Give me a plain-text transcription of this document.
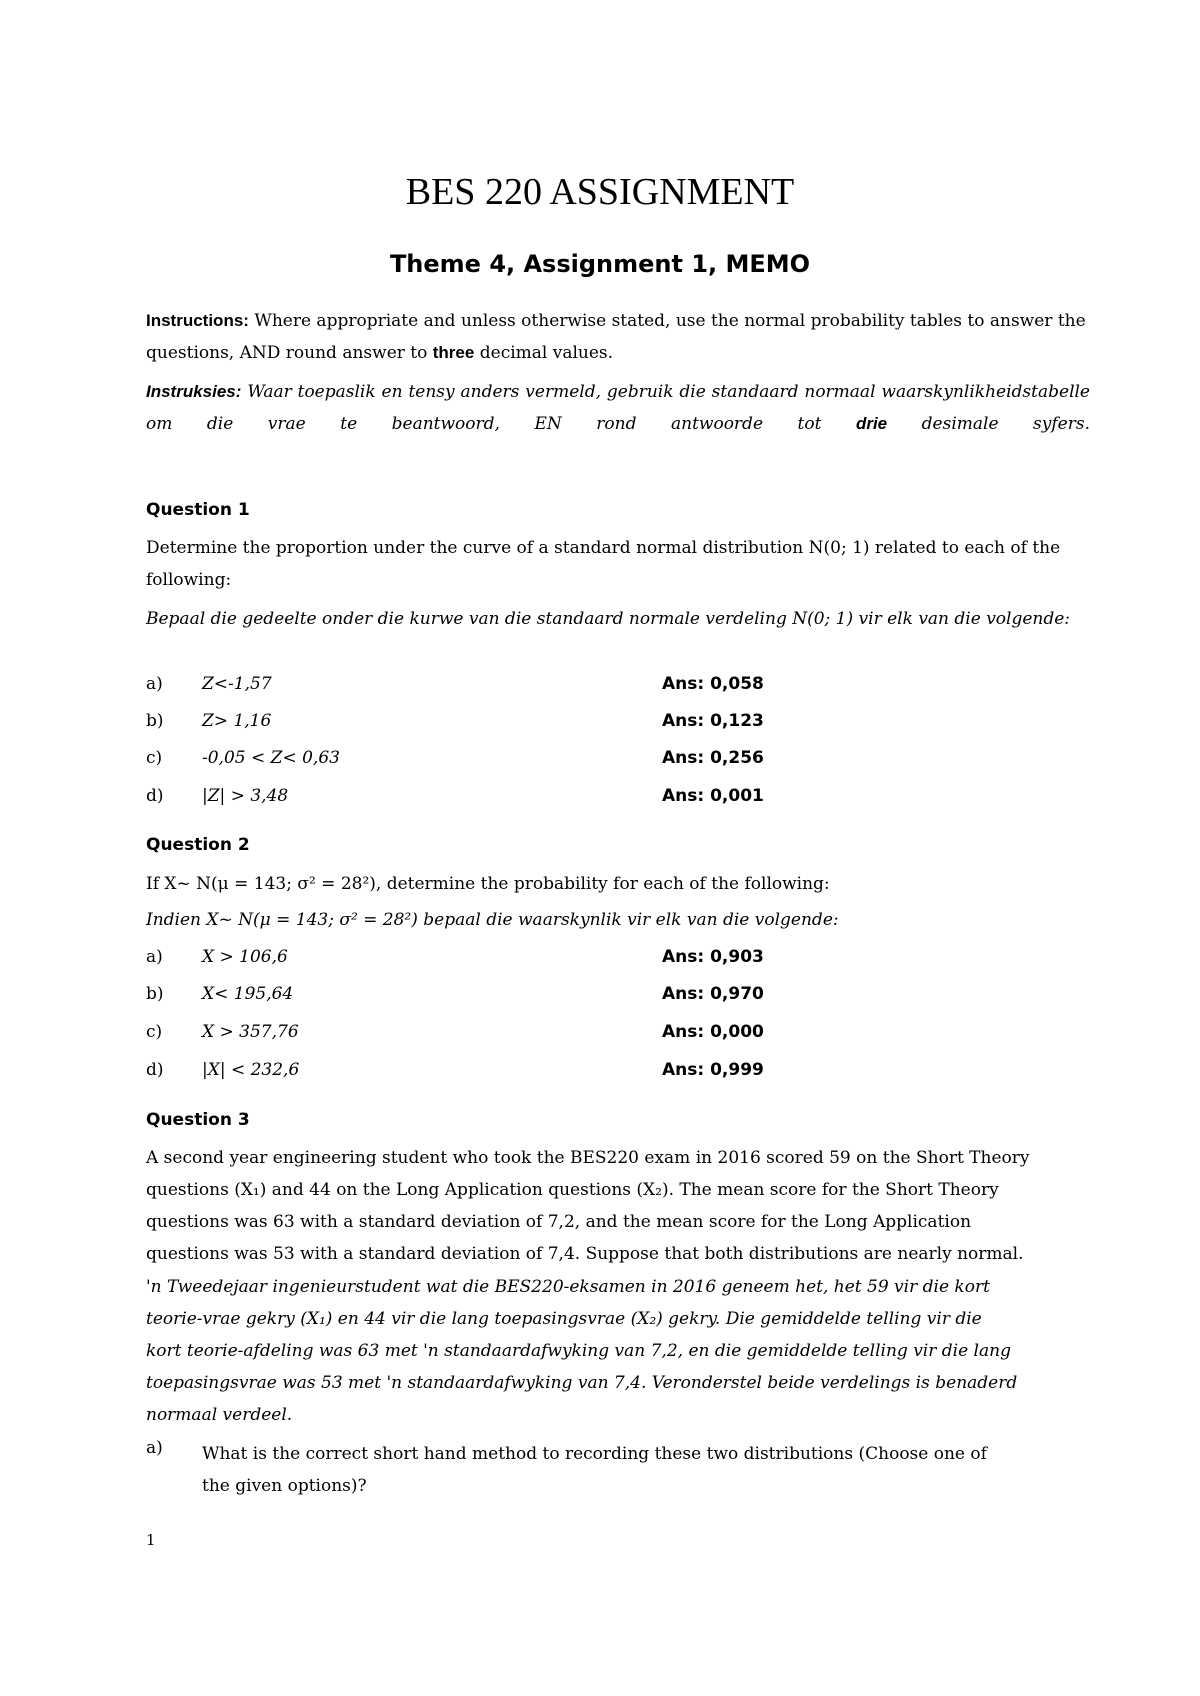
BES 220 ASSIGNMENT
Theme 4, Assignment 1, MEMO
Instructions: Where appropriate and unless otherwise stated, use the normal probability tables to answer the questions, AND round answer to three decimal values.
Instruksies: Waar toepaslik en tensy anders vermeld, gebruik die standaard normaal waarskynlikheidstabelle om die vrae te beantwoord, EN rond antwoorde tot drie desimale syfers.
Question 1
Determine the proportion under the curve of a standard normal distribution N(0; 1) related to each of the following:
Bepaal die gedeelte onder die kurwe van die standaard normale verdeling N(0; 1) vir elk van die volgende:
a) Z<-1,57	Ans: 0,058
b) Z> 1,16	Ans: 0,123
c) -0,05 < Z< 0,63	Ans: 0,256
d) |Z| > 3,48	Ans: 0,001
Question 2
If X~ N(μ = 143; σ² = 28²), determine the probability for each of the following:
Indien X~ N(μ = 143; σ² = 28²) bepaal die waarskynlik vir elk van die volgende:
a) X > 106,6	Ans: 0,903
b) X< 195,64	Ans: 0,970
c) X > 357,76	Ans: 0,000
d) |X| < 232,6	Ans: 0,999
Question 3
A second year engineering student who took the BES220 exam in 2016 scored 59 on the Short Theory
questions (X₁) and 44 on the Long Application questions (X₂). The mean score for the Short Theory
questions was 63 with a standard deviation of 7,2, and the mean score for the Long Application
questions was 53 with a standard deviation of 7,4. Suppose that both distributions are nearly normal.
'n Tweedejaar ingenieurstudent wat die BES220-eksamen in 2016 geneem het, het 59 vir die kort
teorie-vrae gekry (X₁) en 44 vir die lang toepasingsvrae (X₂) gekry. Die gemiddelde telling vir die
kort teorie-afdeling was 63 met 'n standaardafwyking van 7,2, en die gemiddelde telling vir die lang
toepasingsvrae was 53 met 'n standaardafwyking van 7,4. Veronderstel beide verdelings is benaderd
normaal verdeel.
a) What is the correct short hand method to recording these two distributions (Choose one of
the given options)?
1
